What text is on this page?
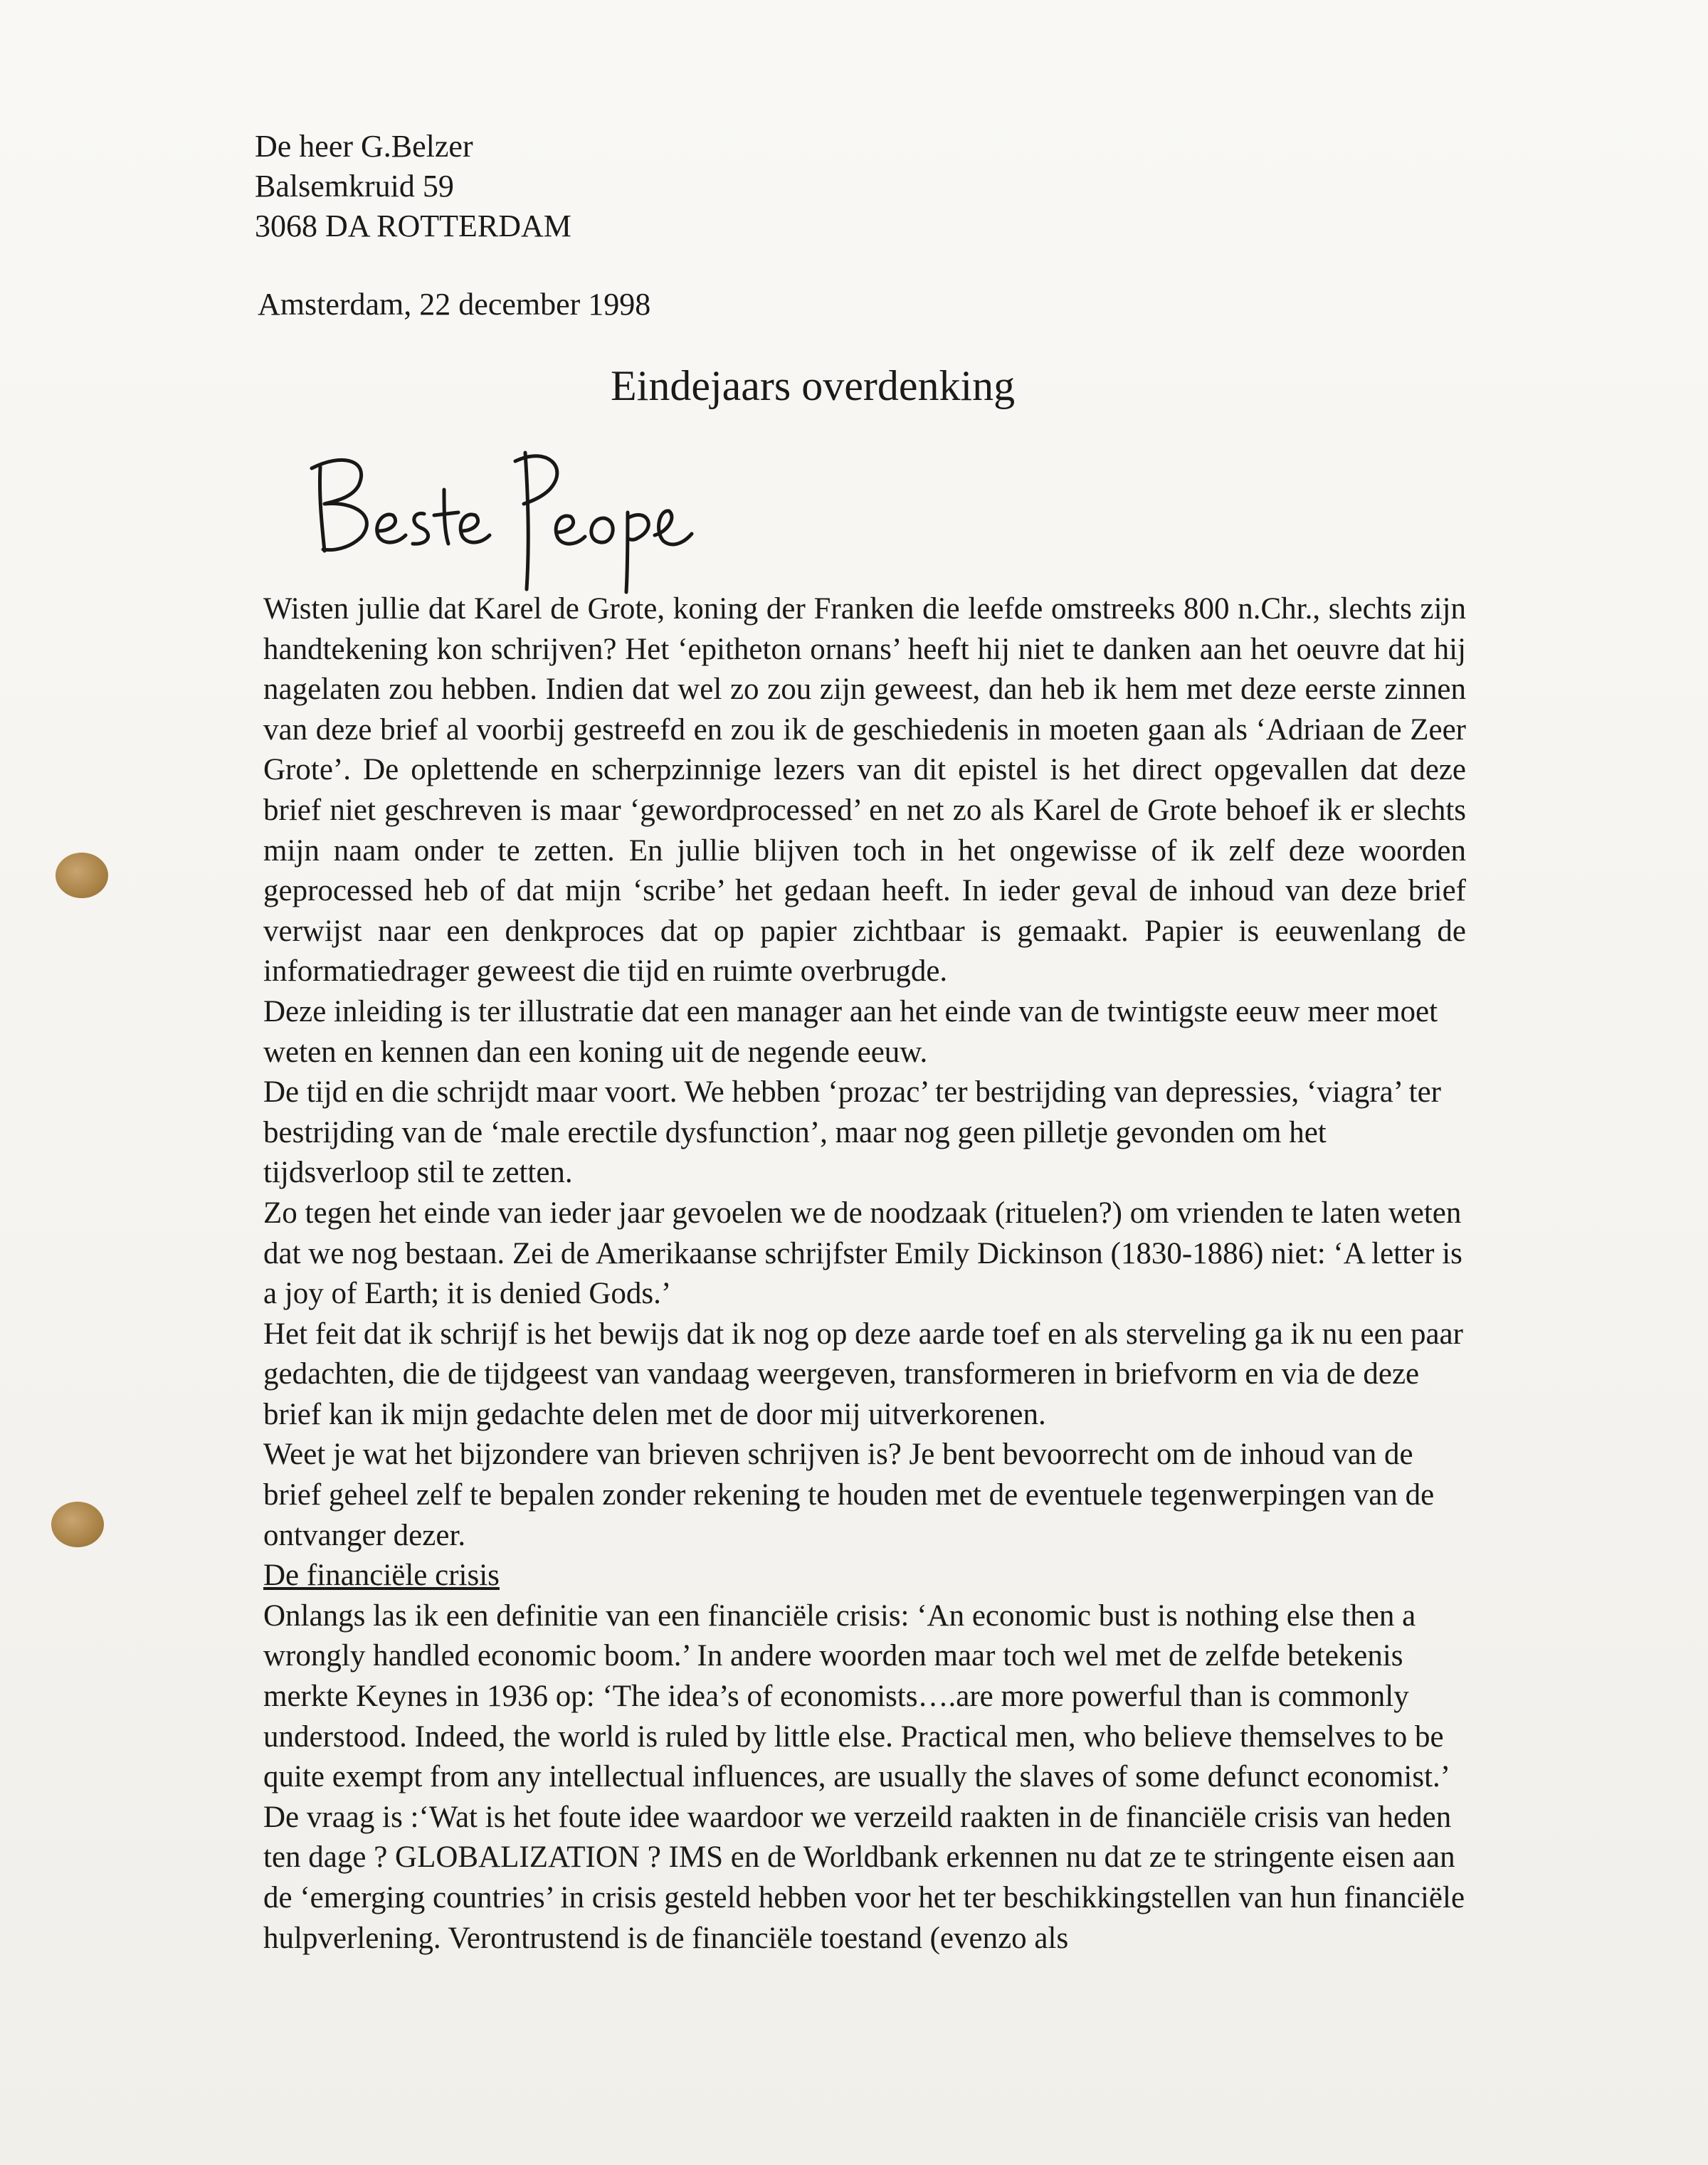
De heer G.Belzer
Balsemkruid 59
3068 DA ROTTERDAM
Amsterdam, 22 december 1998
Eindejaars overdenking

Wisten jullie dat Karel de Grote, koning der Franken die leefde omstreeks 800 n.Chr., slechts zijn handtekening kon schrijven? Het ‘epitheton ornans’ heeft hij niet te danken aan het oeuvre dat hij nagelaten zou hebben. Indien dat wel zo zou zijn geweest, dan heb ik hem met deze eerste zinnen van deze brief al voorbij gestreefd en zou ik de geschiedenis in moeten gaan als ‘Adriaan de Zeer Grote’. De oplettende en scherpzinnige lezers van dit epistel is het direct opgevallen dat deze brief niet geschreven is maar ‘gewordprocessed’ en net zo als Karel de Grote behoef ik er slechts mijn naam onder te zetten. En jullie blijven toch in het ongewisse of ik zelf deze woorden geprocessed heb of dat mijn ‘scribe’ het gedaan heeft. In ieder geval de inhoud van deze brief verwijst naar een denkproces dat op papier zichtbaar is gemaakt. Papier is eeuwenlang de informatiedrager geweest die tijd en ruimte overbrugde.

Deze inleiding is ter illustratie dat een manager aan het einde van de twintigste eeuw meer moet weten en kennen dan een koning uit de negende eeuw.

De tijd en die schrijdt maar voort. We hebben ‘prozac’ ter bestrijding van depressies, ‘viagra’ ter bestrijding van de ‘male erectile dysfunction’, maar nog geen pilletje gevonden om het tijdsverloop stil te zetten.

Zo tegen het einde van ieder jaar gevoelen we de noodzaak (rituelen?) om vrienden te laten weten dat we nog bestaan. Zei de Amerikaanse schrijfster Emily Dickinson (1830-1886) niet: ‘A letter is a joy of Earth; it is denied Gods.’

Het feit dat ik schrijf is het bewijs dat ik nog op deze aarde toef en als sterveling ga ik nu een paar gedachten, die de tijdgeest van vandaag weergeven, transformeren in briefvorm en via de deze brief kan ik mijn gedachte delen met de door mij uitverkorenen.

Weet je wat het bijzondere van brieven schrijven is? Je bent bevoorrecht om de inhoud van de brief geheel zelf te bepalen zonder rekening te houden met de eventuele tegenwerpingen van de ontvanger dezer.

De financiële crisis

Onlangs las ik een definitie van een financiële crisis: ‘An economic bust is nothing else then a wrongly handled economic boom.’ In andere woorden maar toch wel met de zelfde betekenis merkte Keynes in 1936 op: ‘The idea’s of economists….are more powerful than is commonly understood. Indeed, the world is ruled by little else. Practical men, who believe themselves to be quite exempt from any intellectual influences, are usually the slaves of some defunct economist.’ De vraag is :‘Wat is het foute idee waardoor we verzeild raakten in de financiële crisis van heden ten dage ? GLOBALIZATION ? IMS en de Worldbank erkennen nu dat ze te stringente eisen aan de ‘emerging countries’ in crisis gesteld hebben voor het ter beschikkingstellen van hun financiële hulpverlening. Verontrustend is de financiële toestand (evenzo als
